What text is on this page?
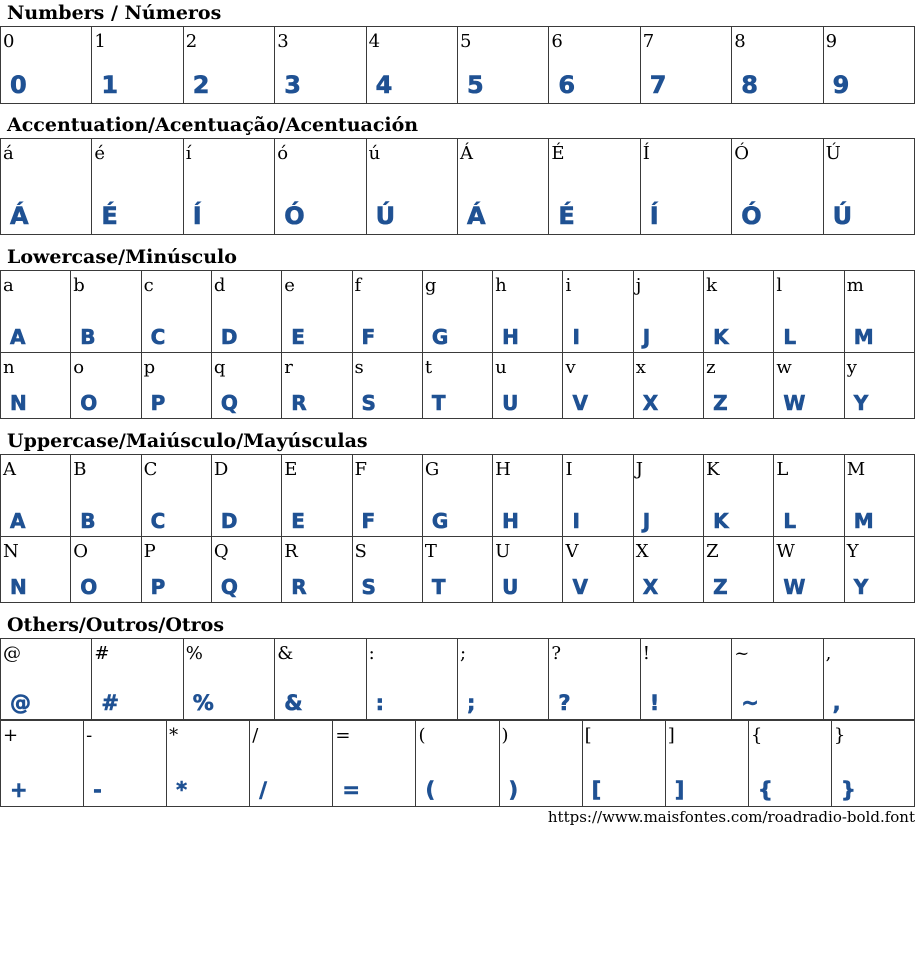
Numbers / Números
0
0
1
1
2
2
3
3
4
4
5
5
6
6
7
7
8
8
9
9
Accentuation/Acentuação/Acentuación
á
Á
é
É
í
Í
ó
Ó
ú
Ú
Á
Á
É
É
Í
Í
Ó
Ó
Ú
Ú
Lowercase/Minúsculo
a
A
b
B
c
C
d
D
e
E
f
F
g
G
h
H
i
I
j
J
k
K
l
L
m
M
n
N
o
O
p
P
q
Q
r
R
s
S
t
T
u
U
v
V
x
X
z
Z
w
W
y
Y
Uppercase/Maiúsculo/Mayúsculas
A
A
B
B
C
C
D
D
E
E
F
F
G
G
H
H
I
I
J
J
K
K
L
L
M
M
N
N
O
O
P
P
Q
Q
R
R
S
S
T
T
U
U
V
V
X
X
Z
Z
W
W
Y
Y
Others/Outros/Otros
@
@
#
#
%
%
&
&
:
:
;
;
?
?
!
!
~
~
,
,
+
+
-
-
*
*
/
/
=
=
(
(
)
)
[
[
]
]
{
{
}
}
https://www.maisfontes.com/roadradio-bold.font
